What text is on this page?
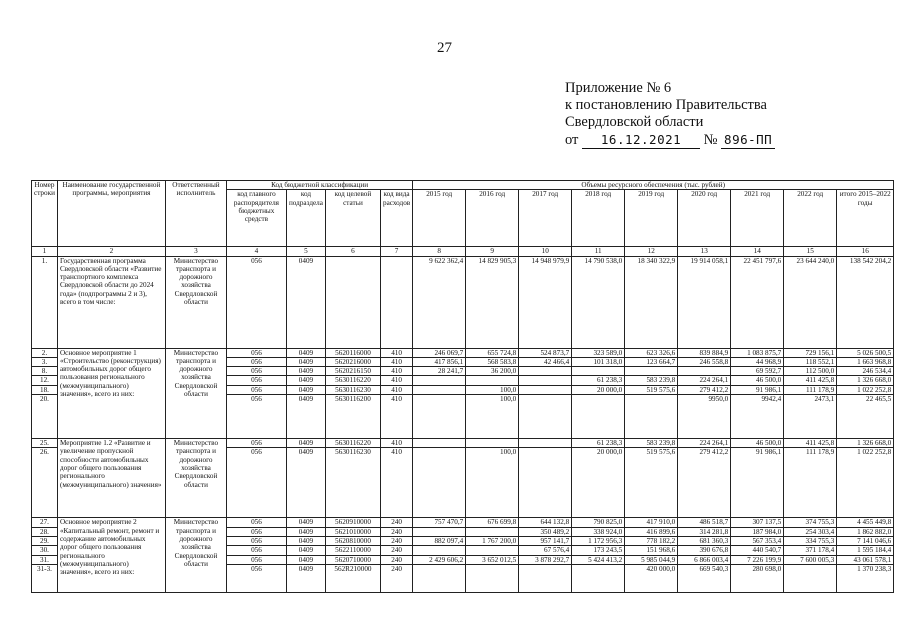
27
Приложение № 6
к постановлению Правительства
Свердловской области
от 16.12.2021 № 896-ПП
Номер строки	Наименование государственной программы, мероприятия	Ответственный исполнитель	Код бюджетной классификации				Объемы ресурсного обеспечения (тыс. рублей)								
			код главного распорядителя бюджетных средств	код подраздела	код целевой статьи	код вида расходов	2015 год	2016 год	2017 год	2018 год	2019 год	2020 год	2021 год	2022 год	итого 2015–2022 годы
1	2	3	4	5	6	7	8	9	10	11	12	13	14	15	16
1.	Государственная программа Свердловской области «Развитие транспортного комплекса Свердловской области до 2024 года» (подпрограммы 2 и 3), всего в том числе:	Министерство транспорта и дорожного хозяйства Свердловской области	056	0409			9 622 362,4	14 829 905,3	14 948 979,9	14 790 538,0	18 340 322,9	19 914 058,1	22 451 797,6	23 644 240,0	138 542 204,2
2.	Основное мероприятие 1 «Строительство (реконструкция) автомобильных дорог общего пользования регионального (межмуниципального) значения», всего из них:	Министерство транспорта и дорожного хозяйства Свердловской области	056	0409	5620116000	410	246 069,7	655 724,8	524 873,7	323 589,0	623 326,6	839 884,9	1 083 875,7	729 156,1	5 026 500,5
3.			056	0409	5620216000	410	417 856,1	568 583,8	42 466,4	101 318,0	123 664,7	246 558,8	44 968,9	118 552,1	1 663 968,8
8.			056	0409	5620216150	410	28 241,7	36 200,0					69 592,7	112 500,0	246 534,4
12.			056	0409	5630116220	410				61 238,3	583 239,8	224 264,1	46 500,0	411 425,8	1 326 668,0
18.			056	0409	5630116230	410		100,0		20 000,0	519 575,6	279 412,2	91 986,1	111 178,9	1 022 252,8
20.			056	0409	5630116200	410		100,0				9950,0	9942,4	2473,1	22 465,5
25.	Мероприятие 1.2 «Развитие и увеличение пропускной способности автомобильных дорог общего пользования регионального (межмуниципального) значения»	Министерство транспорта и дорожного хозяйства Свердловской области	056	0409	5630116220	410				61 238,3	583 239,8	224 264,1	46 500,0	411 425,8	1 326 668,0
26.			056	0409	5630116230	410		100,0		20 000,0	519 575,6	279 412,2	91 986,1	111 178,9	1 022 252,8
27.	Основное мероприятие 2 «Капитальный ремонт, ремонт и содержание автомобильных дорог общего пользования регионального (межмуниципального) значения», всего из них:	Министерство транспорта и дорожного хозяйства Свердловской области	056	0409	5620910000	240	757 470,7	676 699,8	644 132,8	790 825,0	417 910,0	486 518,7	307 137,5	374 755,3	4 455 449,8
28.			056	0409	5621010000	240			350 489,2	338 924,0	416 899,6	314 281,8	187 984,0	254 303,4	1 862 882,0
29.			056	0409	5620810000	240	882 097,4	1 767 200,0	957 141,7	1 172 956,3	778 182,2	681 360,3	567 353,4	334 755,3	7 141 046,6
30.			056	0409	5622110000	240			67 576,4	173 243,5	151 968,6	390 676,8	440 540,7	371 178,4	1 595 184,4
31.			056	0409	5620710000	240	2 429 606,2	3 652 012,5	3 878 292,7	5 424 413,2	5 985 044,9	6 866 003,4	7 226 199,9	7 600 005,3	43 061 578,1
31-3.			056	0409	562R210000	240					420 000,0	669 540,3	280 698,0		1 370 238,3
